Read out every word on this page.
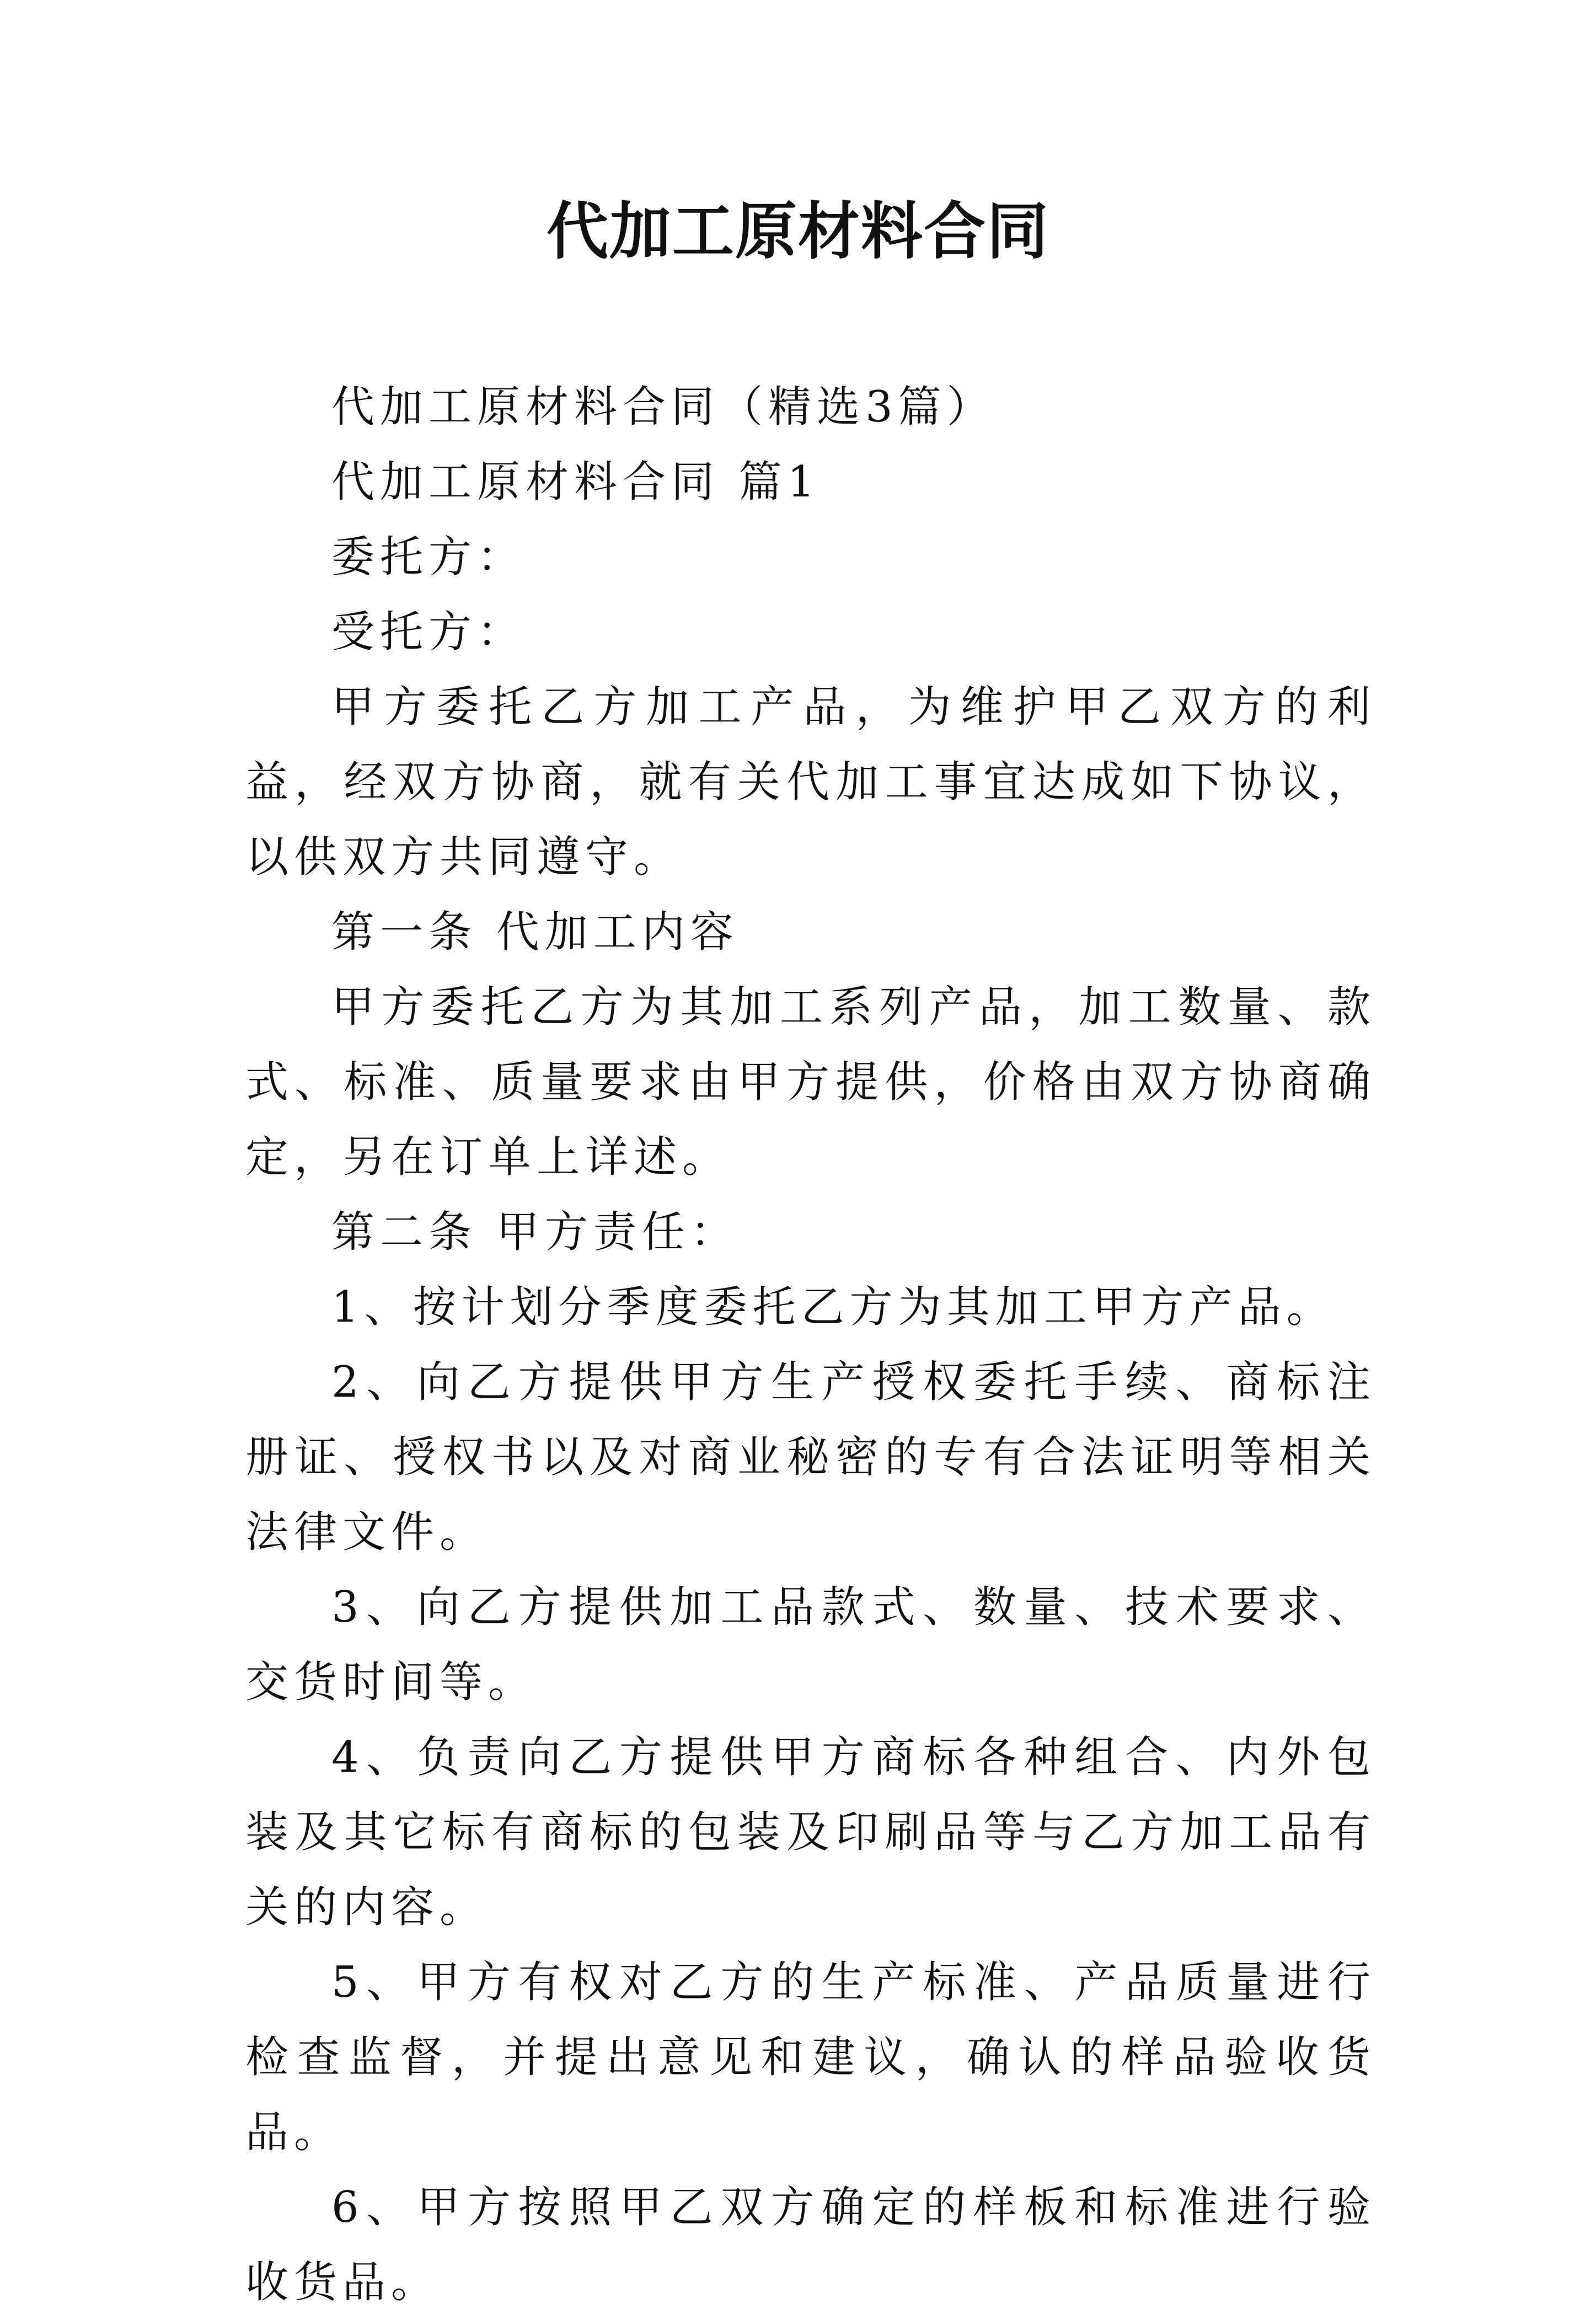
代加工原材料合同

代加工原材料合同（精选3篇）

代加工原材料合同 篇1

委托方：

受托方：

甲方委托乙方加工产品，为维护甲乙双方的利益，经双方协商，就有关代加工事宜达成如下协议，以供双方共同遵守。

第一条 代加工内容

甲方委托乙方为其加工系列产品，加工数量、款式、标准、质量要求由甲方提供，价格由双方协商确定，另在订单上详述。

第二条 甲方责任：

1、按计划分季度委托乙方为其加工甲方产品。

2、向乙方提供甲方生产授权委托手续、商标注册证、授权书以及对商业秘密的专有合法证明等相关法律文件。

3、向乙方提供加工品款式、数量、技术要求、交货时间等。

4、负责向乙方提供甲方商标各种组合、内外包装及其它标有商标的包装及印刷品等与乙方加工品有关的内容。

5、甲方有权对乙方的生产标准、产品质量进行检查监督，并提出意见和建议，确认的样品验收货品。

6、甲方按照甲乙双方确定的样板和标准进行验收货品。
